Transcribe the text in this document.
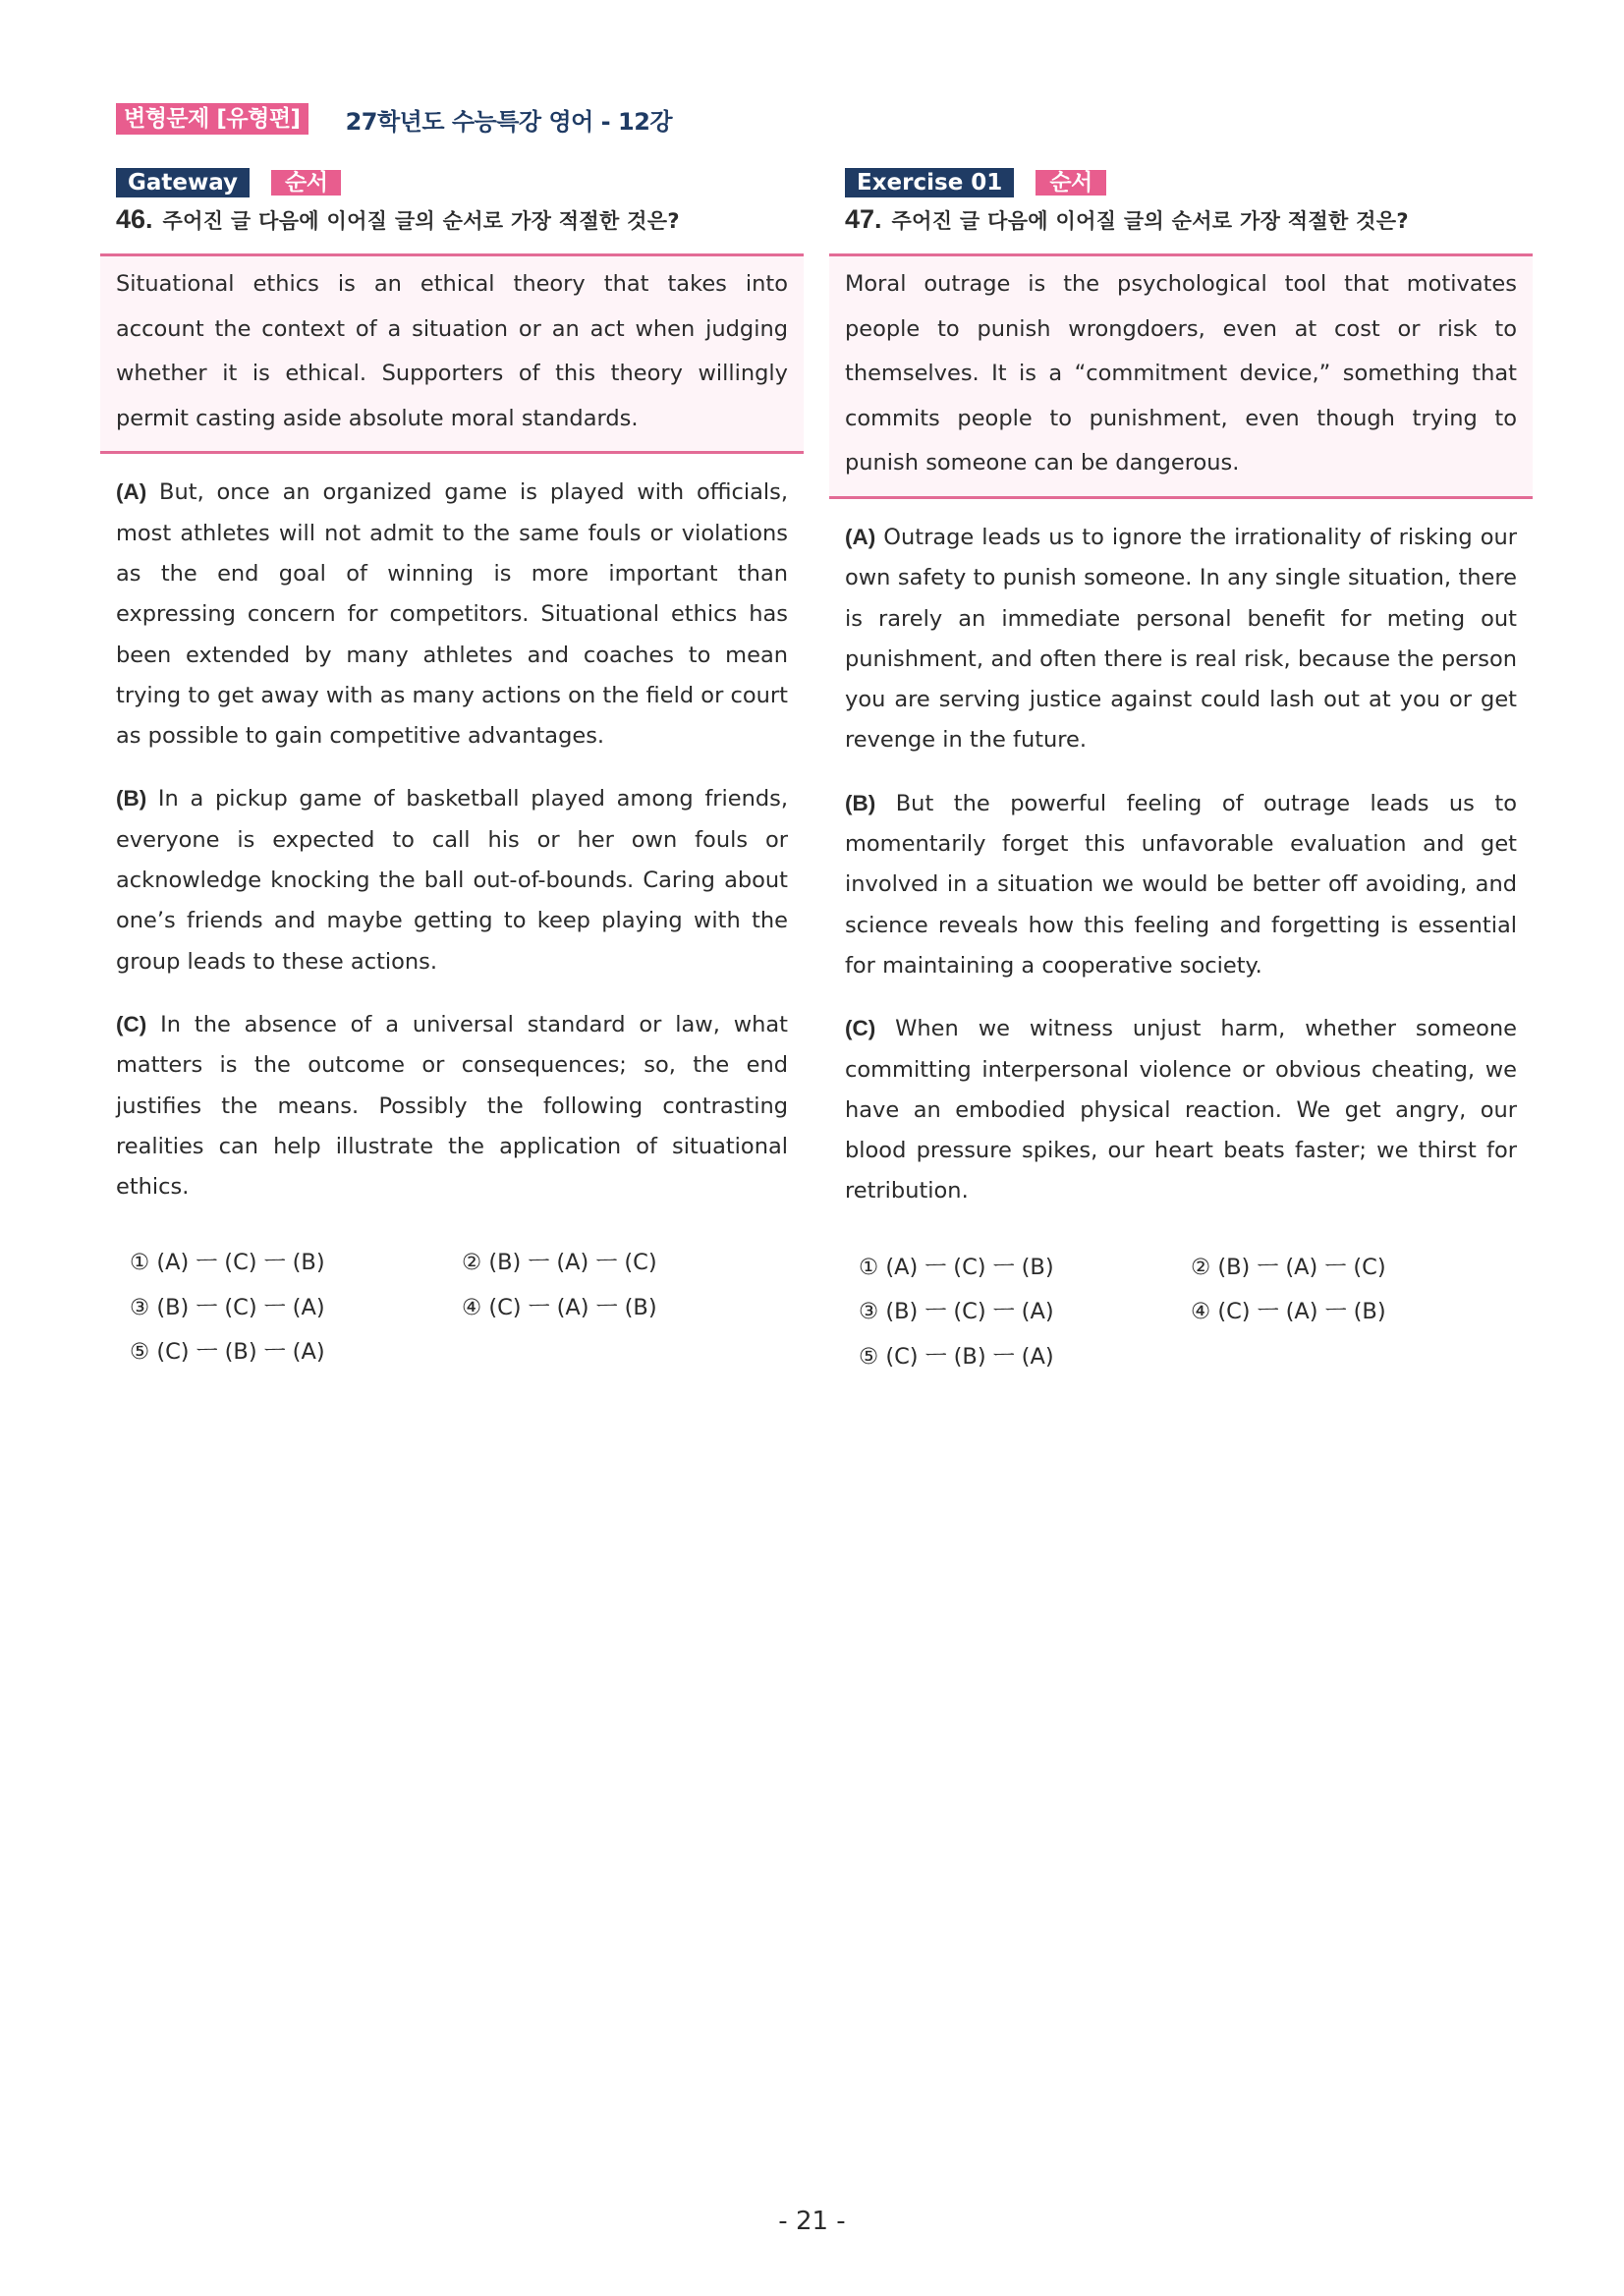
변형문제 [유형편]	27학년도 수능특강 영어 - 12강
Gateway	순서
46. 주어진 글 다음에 이어질 글의 순서로 가장 적절한 것은?
Situational ethics is an ethical theory that takes into account the context of a situation or an act when judging whether it is ethical. Supporters of this theory willingly permit casting aside absolute moral standards.
(A) But, once an organized game is played with officials, most athletes will not admit to the same fouls or violations as the end goal of winning is more important than expressing concern for competitors. Situational ethics has been extended by many athletes and coaches to mean trying to get away with as many actions on the field or court as possible to gain competitive advantages.
(B) In a pickup game of basketball played among friends, everyone is expected to call his or her own fouls or acknowledge knocking the ball out-of-bounds. Caring about one’s friends and maybe getting to keep playing with the group leads to these actions.
(C) In the absence of a universal standard or law, what matters is the outcome or consequences; so, the end justifies the means. Possibly the following contrasting realities can help illustrate the application of situational ethics.
① (A) ㅡ (C) ㅡ (B)	② (B) ㅡ (A) ㅡ (C)
③ (B) ㅡ (C) ㅡ (A)	④ (C) ㅡ (A) ㅡ (B)
⑤ (C) ㅡ (B) ㅡ (A)
Exercise 01	순서
47. 주어진 글 다음에 이어질 글의 순서로 가장 적절한 것은?
Moral outrage is the psychological tool that motivates people to punish wrongdoers, even at cost or risk to themselves. It is a “commitment device,” something that commits people to punishment, even though trying to punish someone can be dangerous.
(A) Outrage leads us to ignore the irrationality of risking our own safety to punish someone. In any single situation, there is rarely an immediate personal benefit for meting out punishment, and often there is real risk, because the person you are serving justice against could lash out at you or get revenge in the future.
(B) But the powerful feeling of outrage leads us to momentarily forget this unfavorable evaluation and get involved in a situation we would be better off avoiding, and science reveals how this feeling and forgetting is essential for maintaining a cooperative society.
(C) When we witness unjust harm, whether someone committing interpersonal violence or obvious cheating, we have an embodied physical reaction. We get angry, our blood pressure spikes, our heart beats faster; we thirst for retribution.
① (A) ㅡ (C) ㅡ (B)	② (B) ㅡ (A) ㅡ (C)
③ (B) ㅡ (C) ㅡ (A)	④ (C) ㅡ (A) ㅡ (B)
⑤ (C) ㅡ (B) ㅡ (A)
- 21 -
